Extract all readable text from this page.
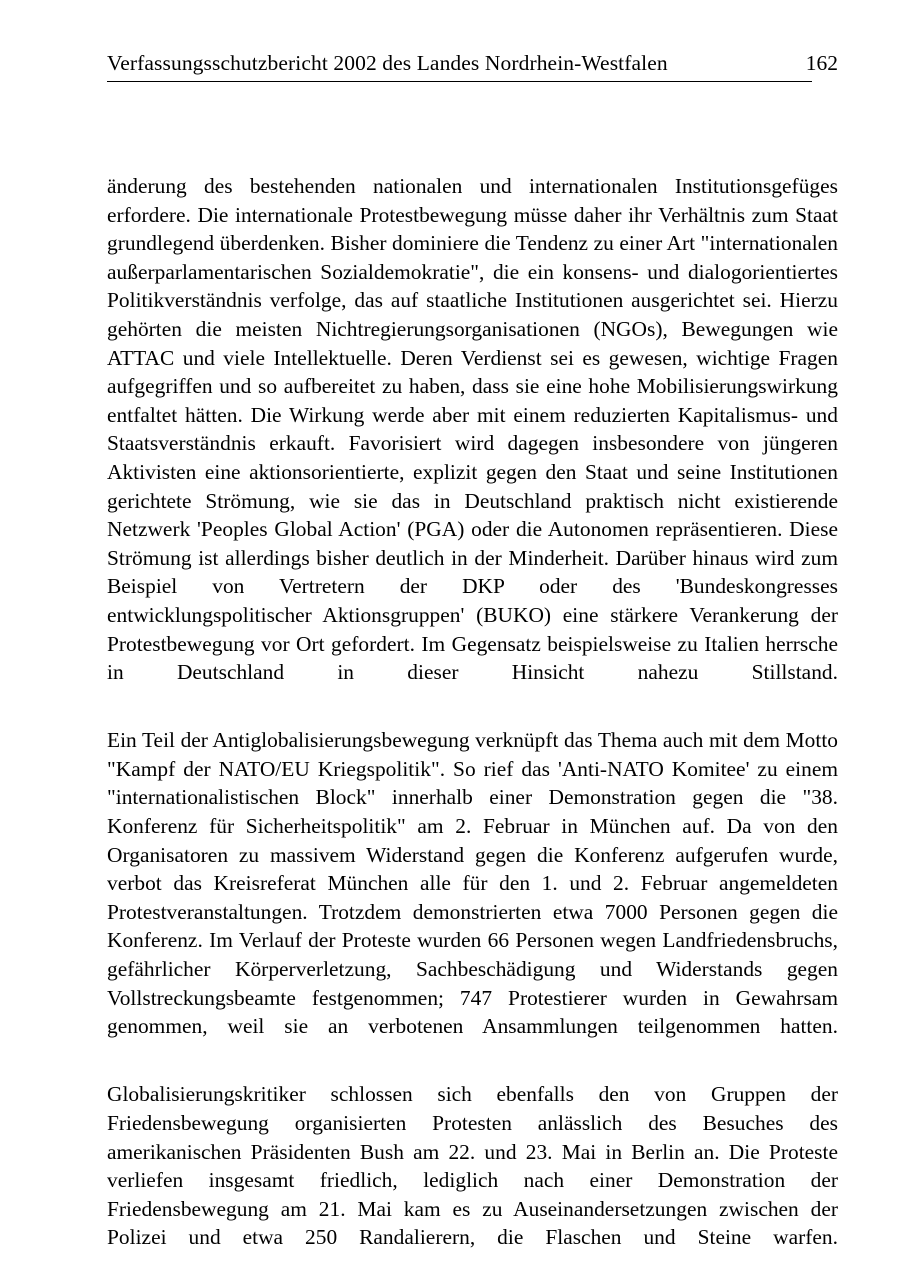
Verfassungsschutzbericht 2002 des Landes Nordrhein-Westfalen	162

änderung des bestehenden nationalen und internationalen Institutionsgefüges erfordere. Die internationale Protestbewegung müsse daher ihr Verhältnis zum Staat grundlegend überdenken. Bisher dominiere die Tendenz zu einer Art "internationalen außerparlamentarischen Sozialdemokratie", die ein konsens- und dialogorientiertes Politikverständnis verfolge, das auf staatliche Institutionen ausgerichtet sei. Hierzu gehörten die meisten Nichtregierungsorganisationen (NGOs), Bewegungen wie ATTAC und viele Intellektuelle. Deren Verdienst sei es gewesen, wichtige Fragen aufgegriffen und so aufbereitet zu haben, dass sie eine hohe Mobilisierungswirkung entfaltet hätten. Die Wirkung werde aber mit einem reduzierten Kapitalismus- und Staatsverständnis erkauft. Favorisiert wird dagegen insbesondere von jüngeren Aktivisten eine aktionsorientierte, explizit gegen den Staat und seine Institutionen gerichtete Strömung, wie sie das in Deutschland praktisch nicht existierende Netzwerk 'Peoples Global Action' (PGA) oder die Autonomen repräsentieren. Diese Strömung ist allerdings bisher deutlich in der Minderheit. Darüber hinaus wird zum Beispiel von Vertretern der DKP oder des 'Bundeskongresses entwicklungspolitischer Aktionsgruppen' (BUKO) eine stärkere Verankerung der Protestbewegung vor Ort gefordert. Im Gegensatz beispielsweise zu Italien herrsche in Deutschland in dieser Hinsicht nahezu Stillstand.

Ein Teil der Antiglobalisierungsbewegung verknüpft das Thema auch mit dem Motto "Kampf der NATO/EU Kriegspolitik". So rief das 'Anti-NATO Komitee' zu einem "internationalistischen Block" innerhalb einer Demonstration gegen die "38. Konferenz für Sicherheitspolitik" am 2. Februar in München auf. Da von den Organisatoren zu massivem Widerstand gegen die Konferenz aufgerufen wurde, verbot das Kreisreferat München alle für den 1. und 2. Februar angemeldeten Protestveranstaltungen. Trotzdem demonstrierten etwa 7000 Personen gegen die Konferenz. Im Verlauf der Proteste wurden 66 Personen wegen Landfriedensbruchs, gefährlicher Körperverletzung, Sachbeschädigung und Widerstands gegen Vollstreckungsbeamte festgenommen; 747 Protestierer wurden in Gewahrsam genommen, weil sie an verbotenen Ansammlungen teilgenommen hatten.

Globalisierungskritiker schlossen sich ebenfalls den von Gruppen der Friedensbewegung organisierten Protesten anlässlich des Besuches des amerikanischen Präsidenten Bush am 22. und 23. Mai in Berlin an. Die Proteste verliefen insgesamt friedlich, lediglich nach einer Demonstration der Friedensbewegung am 21. Mai kam es zu Auseinandersetzungen zwischen der Polizei und etwa 250 Randalierern, die Flaschen und Steine warfen.
